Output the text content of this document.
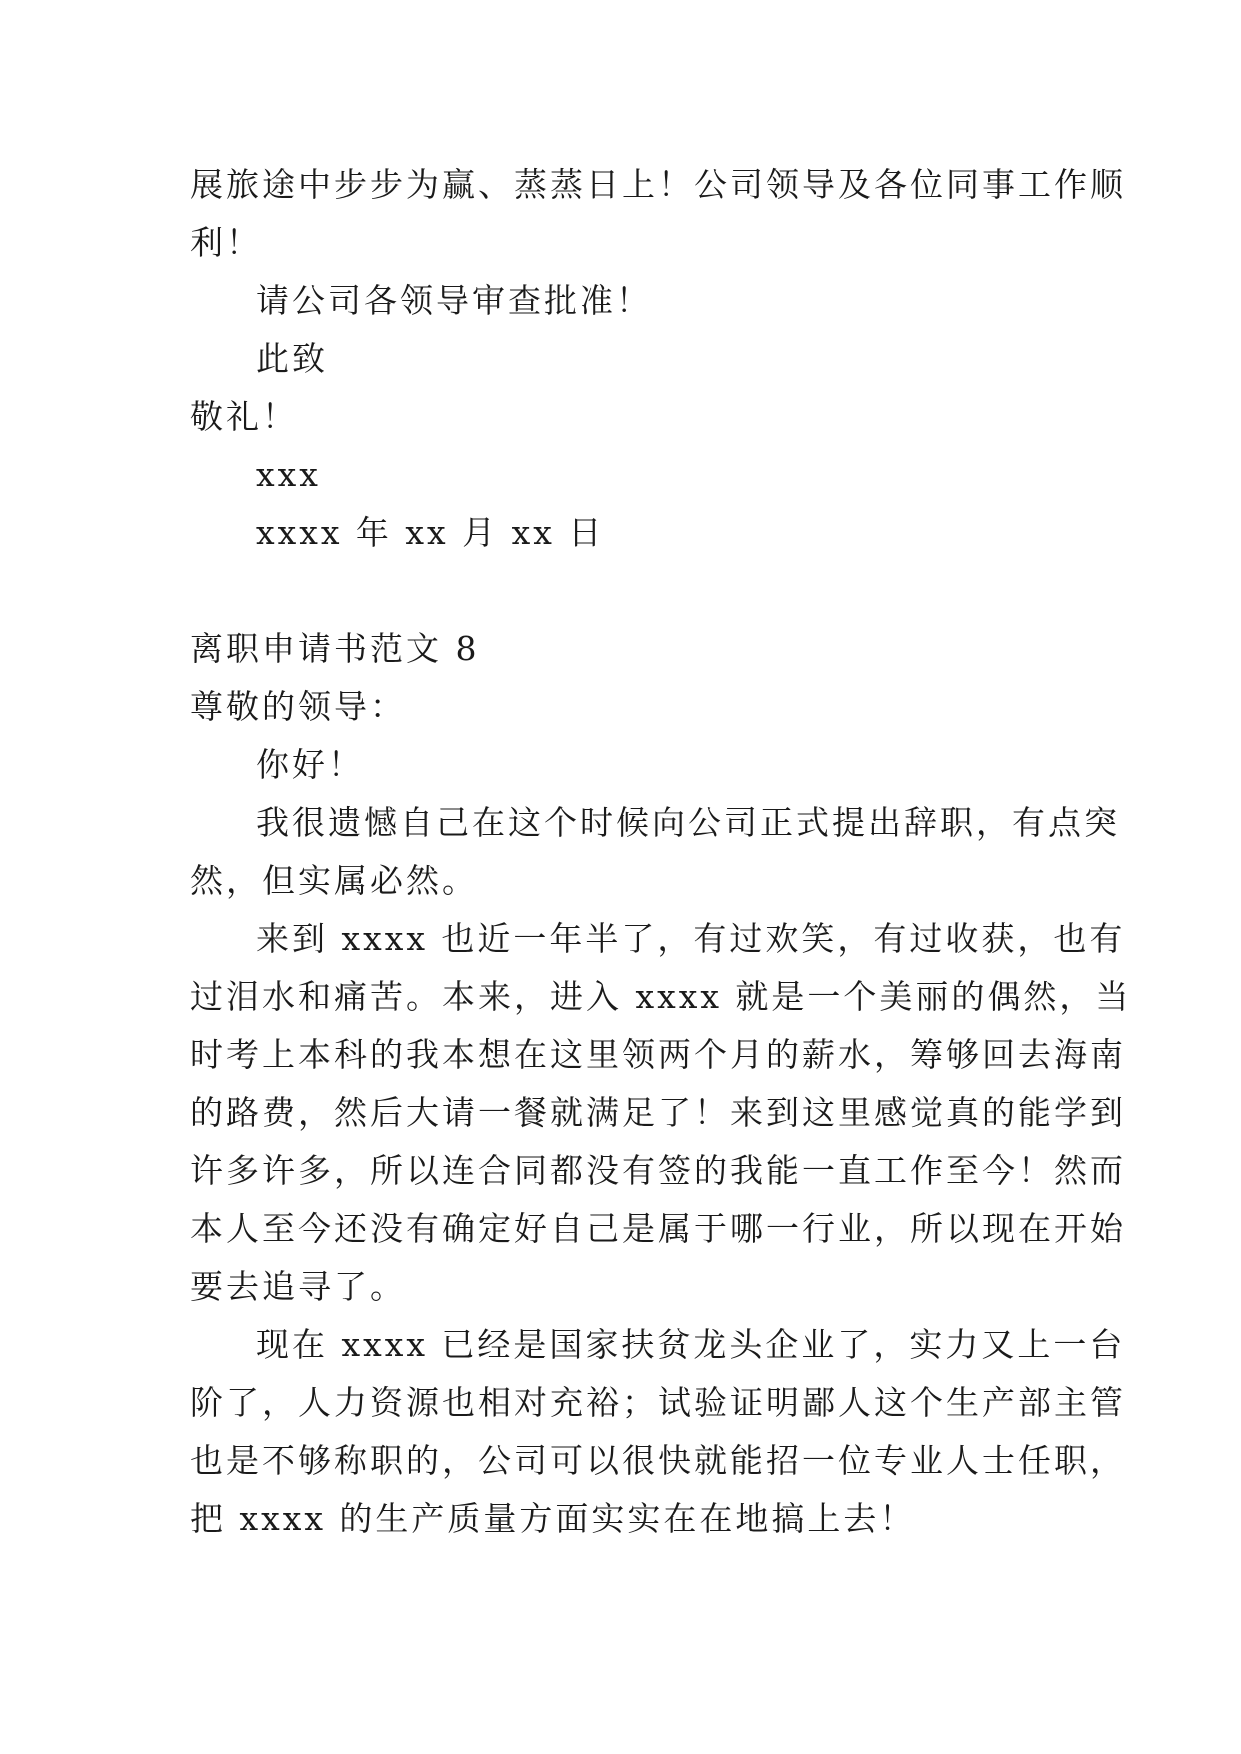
展旅途中步步为赢、蒸蒸日上！公司领导及各位同事工作顺
利！
请公司各领导审查批准！
此致
敬礼！
xxx
xxxx 年 xx 月 xx 日
离职申请书范文 8
尊敬的领导：
你好！
我很遗憾自己在这个时候向公司正式提出辞职，有点突
然，但实属必然。
来到 xxxx 也近一年半了，有过欢笑，有过收获，也有
过泪水和痛苦。本来，进入 xxxx 就是一个美丽的偶然，当
时考上本科的我本想在这里领两个月的薪水，筹够回去海南
的路费，然后大请一餐就满足了！来到这里感觉真的能学到
许多许多，所以连合同都没有签的我能一直工作至今！然而
本人至今还没有确定好自己是属于哪一行业，所以现在开始
要去追寻了。
现在 xxxx 已经是国家扶贫龙头企业了，实力又上一台
阶了，人力资源也相对充裕；试验证明鄙人这个生产部主管
也是不够称职的，公司可以很快就能招一位专业人士任职，
把 xxxx 的生产质量方面实实在在地搞上去！
